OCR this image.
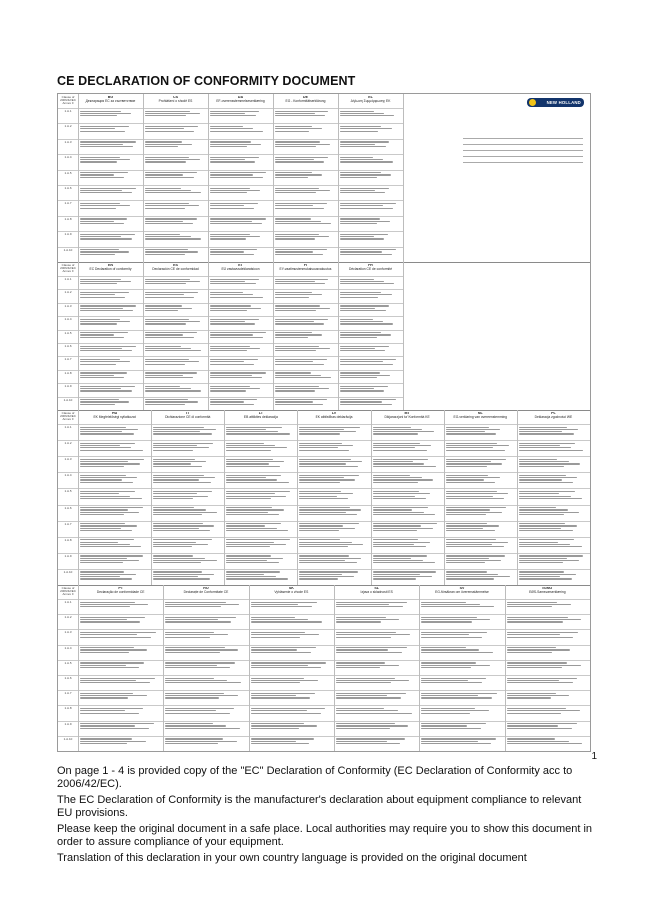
CE DECLARATION OF CONFORMITY DOCUMENT
NEW HOLLAND
Clause of 2006/42/EC Annex II
1.A.1
1.A.2
1.A.3
1.A.4
1.A.5
1.A.6
1.A.7
1.A.8
1.A.9
1.A.10
BG
Декларация ЕС за съответствие
CS
Prohlášení o shodě ES
DA
EF-overensstemmelseserklæring
DE
EG - Konformitätserklärung
EL
Δήλωση Συμμόρφωσης ΕΚ
Clause of 2006/42/EC Annex II
1.A.1
1.A.2
1.A.3
1.A.4
1.A.5
1.A.6
1.A.7
1.A.8
1.A.9
1.A.10
EN
EC Declaration of conformity
ES
Declaración CE de conformidad
ET
EÜ vastavusdeklaratsioon
FI
EY-vaatimustenmukaisuusvakuutus
FR
Déclaration CE de conformité
Clause of 2006/42/EC Annex II
1.A.1
1.A.2
1.A.3
1.A.4
1.A.5
1.A.6
1.A.7
1.A.8
1.A.9
1.A.10
HU
EK Megfelelőségi nyilatkozat
IT
Dichiarazione CE di conformità
LT
EB atitikties deklaracija
LV
EK atbilstības deklarācija
MT
Dikjarazzjoni ta' Konformità KE
NL
EG-verklaring van overeenstemming
PL
Deklaracja zgodności WE
Clause of 2006/42/EC Annex II
1.A.1
1.A.2
1.A.3
1.A.4
1.A.5
1.A.6
1.A.7
1.A.8
1.A.9
1.A.10
PT
Declaração de conformidade CE
RO
Declarație de Conformitate CE
SK
Vyhlásenie o zhode ES
SL
Izjava o skladnosti ES
SV
EG-försäkran om överensstämmelse
IS/NO
EØS-Samsvarserklæring
1

On page 1 - 4 is provided copy of the "EC" Declaration of Conformity (EC Declaration of Conformity acc to 2006/42/EC).

The EC Declaration of Conformity is the manufacturer's declaration about equipment compliance to relevant EU provisions.

Please keep the original document in a safe place. Local authorities may require you to show this document in order to assure compliance of your equipment.

Translation of this declaration in your own country language is provided on the original document
